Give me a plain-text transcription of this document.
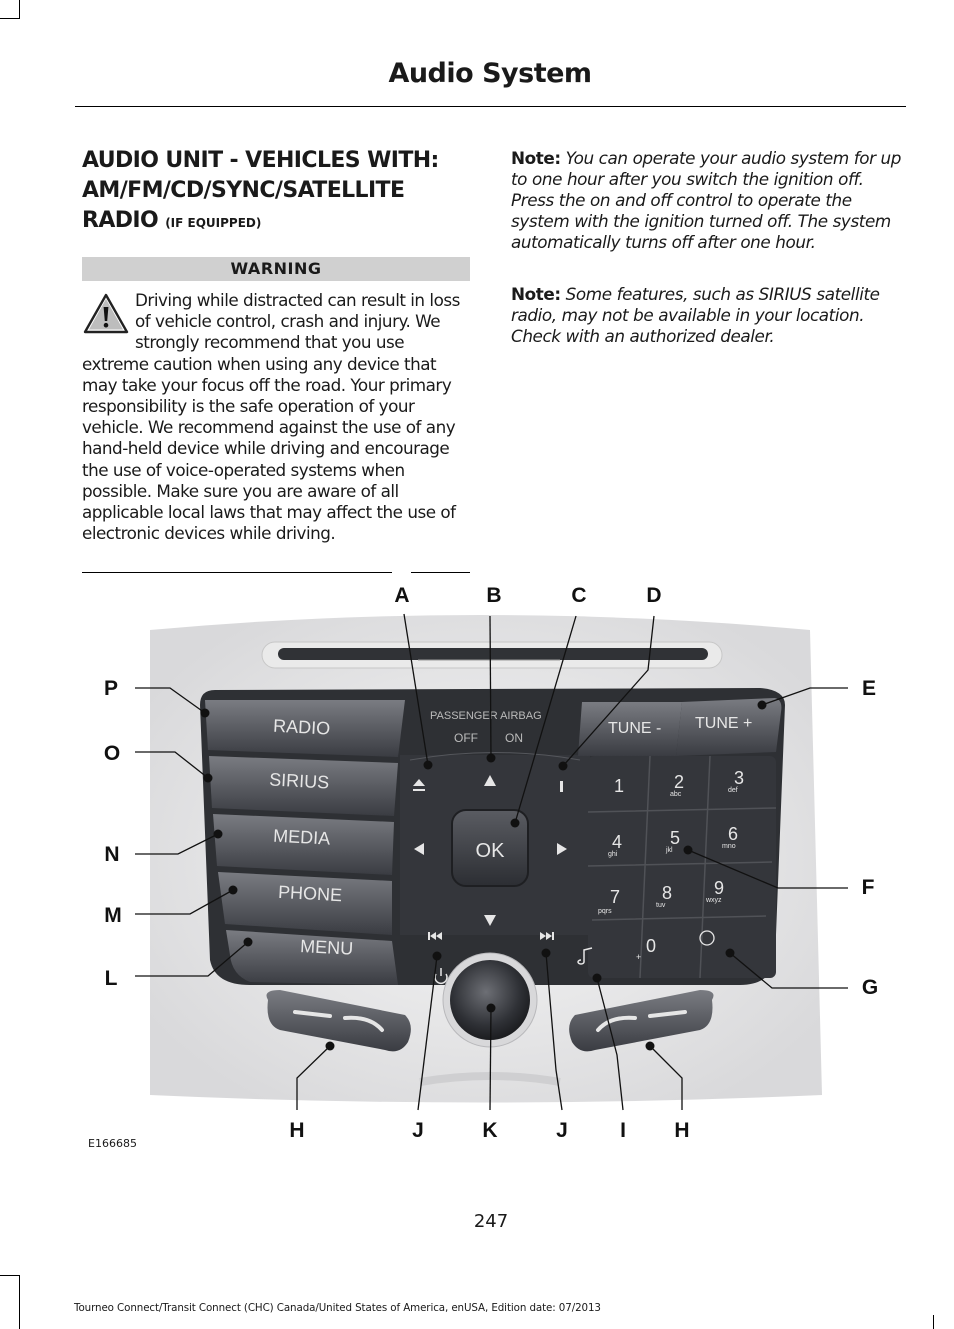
Audio System
AUDIO UNIT - VEHICLES WITH: AM/FM/CD/SYNC/SATELLITE RADIO (IF EQUIPPED)
WARNING

Driving while distracted can result in loss of vehicle control, crash and injury. We strongly recommend that you use extreme caution when using any device that may take your focus off the road. Your primary responsibility is the safe operation of your vehicle. We recommend against the use of any hand-held device while driving and encourage the use of voice-operated systems when possible. Make sure you are aware of all applicable local laws that may affect the use of electronic devices while driving.

Note: You can operate your audio system for up to one hour after you switch the ignition off. Press the on and off control to operate the system with the ignition turned off. The system automatically turns off after one hour.

Note: Some features, such as SIRIUS satellite radio, may not be available in your location. Check with an authorized dealer.

RADIO
SIRIUS
MEDIA
PHONE
MENU
PASSENGER AIRBAG
OFF ON
OK
TUNE - TUNE +
1	2
abc
3
def
4
ghi
5
jkl
6
mno
7
pqrs
8
tuv
9
wxyz
0
+
A	B	C	D
E
F
G
H
I
J
K
J
H
L
M
N
O
P
E166685
247
Tourneo Connect/Transit Connect (CHC) Canada/United States of America, enUSA, Edition date: 07/2013
